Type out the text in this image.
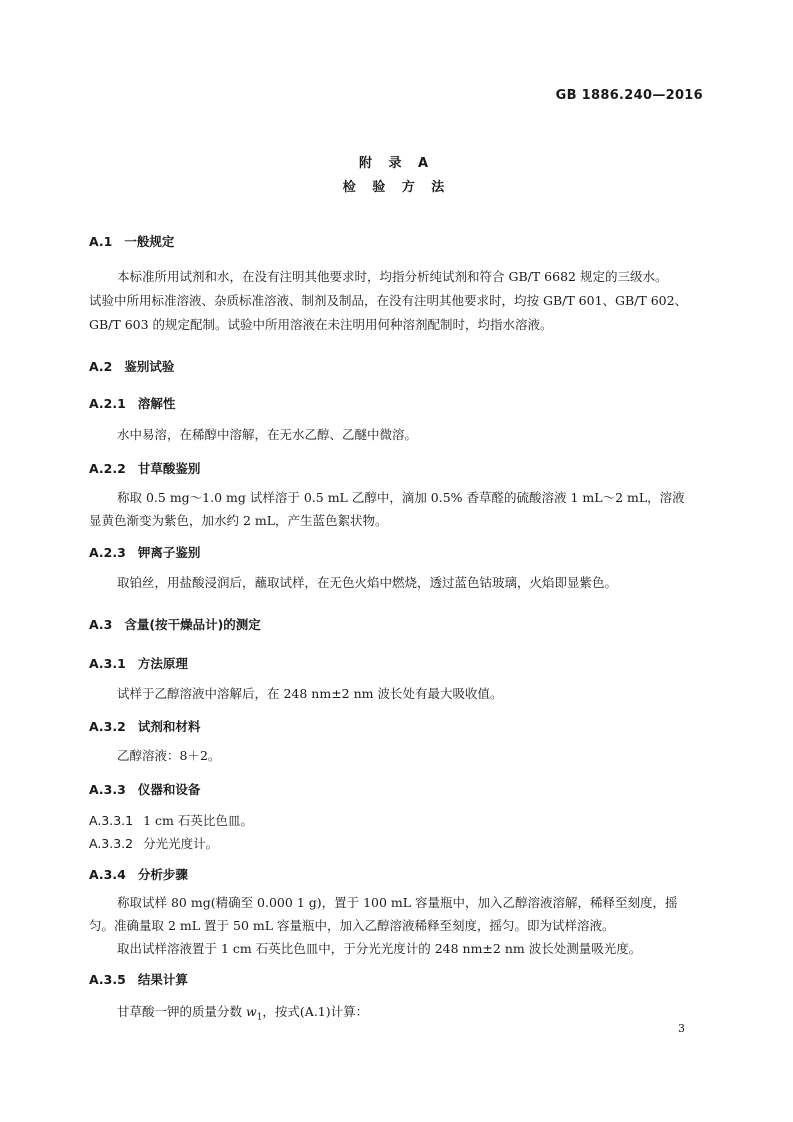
GB 1886.240—2016
附 录 A
检 验 方 法
A.1 一般规定
本标准所用试剂和水，在没有注明其他要求时，均指分析纯试剂和符合 GB/T 6682 规定的三级水。
试验中所用标准溶液、杂质标准溶液、制剂及制品，在没有注明其他要求时，均按 GB/T 601、GB/T 602、
GB/T 603 的规定配制。试验中所用溶液在未注明用何种溶剂配制时，均指水溶液。
A.2 鉴别试验
A.2.1 溶解性
水中易溶，在稀醇中溶解，在无水乙醇、乙醚中微溶。
A.2.2 甘草酸鉴别
称取 0.5 mg～1.0 mg 试样溶于 0.5 mL 乙醇中，滴加 0.5% 香草醛的硫酸溶液 1 mL～2 mL，溶液
显黄色渐变为紫色，加水约 2 mL，产生蓝色絮状物。
A.2.3 钾离子鉴别
取铂丝，用盐酸浸润后，蘸取试样，在无色火焰中燃烧，透过蓝色钴玻璃，火焰即显紫色。
A.3 含量(按干燥品计)的测定
A.3.1 方法原理
试样于乙醇溶液中溶解后，在 248 nm±2 nm 波长处有最大吸收值。
A.3.2 试剂和材料
乙醇溶液：8＋2。
A.3.3 仪器和设备
A.3.3.1 1 cm 石英比色皿。
A.3.3.2 分光光度计。
A.3.4 分析步骤
称取试样 80 mg(精确至 0.000 1 g)，置于 100 mL 容量瓶中，加入乙醇溶液溶解，稀释至刻度，摇
匀。准确量取 2 mL 置于 50 mL 容量瓶中，加入乙醇溶液稀释至刻度，摇匀。即为试样溶液。
取出试样溶液置于 1 cm 石英比色皿中，于分光光度计的 248 nm±2 nm 波长处测量吸光度。
A.3.5 结果计算
甘草酸一钾的质量分数 $w_1$，按式(A.1)计算：
3
